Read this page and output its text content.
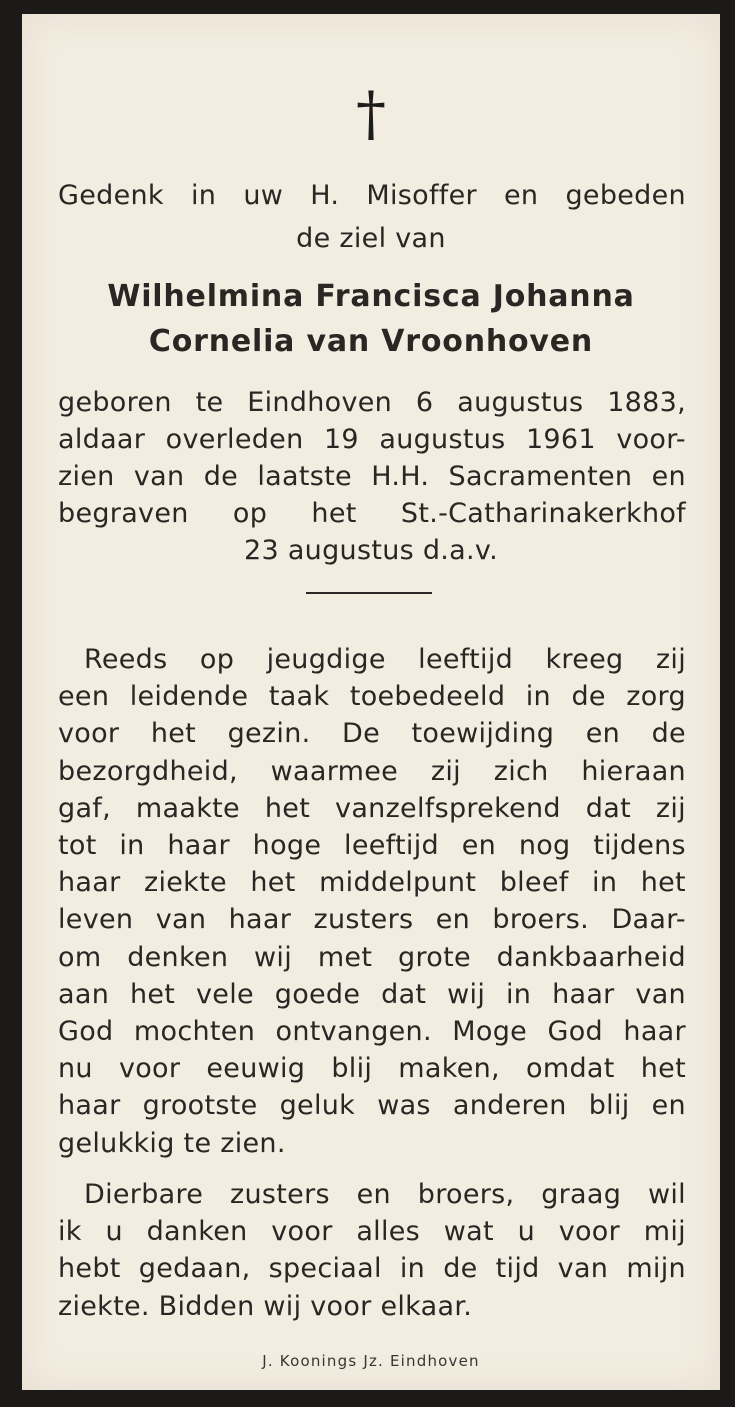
†
Gedenk in uw H. Misoffer en gebeden
de ziel van
Wilhelmina Francisca Johanna
Cornelia van Vroonhoven
geboren te Eindhoven 6 augustus 1883,
aldaar overleden 19 augustus 1961 voor-
zien van de laatste H.H. Sacramenten en
begraven op het St.-Catharinakerkhof
23 augustus d.a.v.
Reeds op jeugdige leeftijd kreeg zij
een leidende taak toebedeeld in de zorg
voor het gezin. De toewijding en de
bezorgdheid, waarmee zij zich hieraan
gaf, maakte het vanzelfsprekend dat zij
tot in haar hoge leeftijd en nog tijdens
haar ziekte het middelpunt bleef in het
leven van haar zusters en broers. Daar-
om denken wij met grote dankbaarheid
aan het vele goede dat wij in haar van
God mochten ontvangen. Moge God haar
nu voor eeuwig blij maken, omdat het
haar grootste geluk was anderen blij en
gelukkig te zien.
Dierbare zusters en broers, graag wil
ik u danken voor alles wat u voor mij
hebt gedaan, speciaal in de tijd van mijn
ziekte. Bidden wij voor elkaar.
J. Koonings Jz. Eindhoven
